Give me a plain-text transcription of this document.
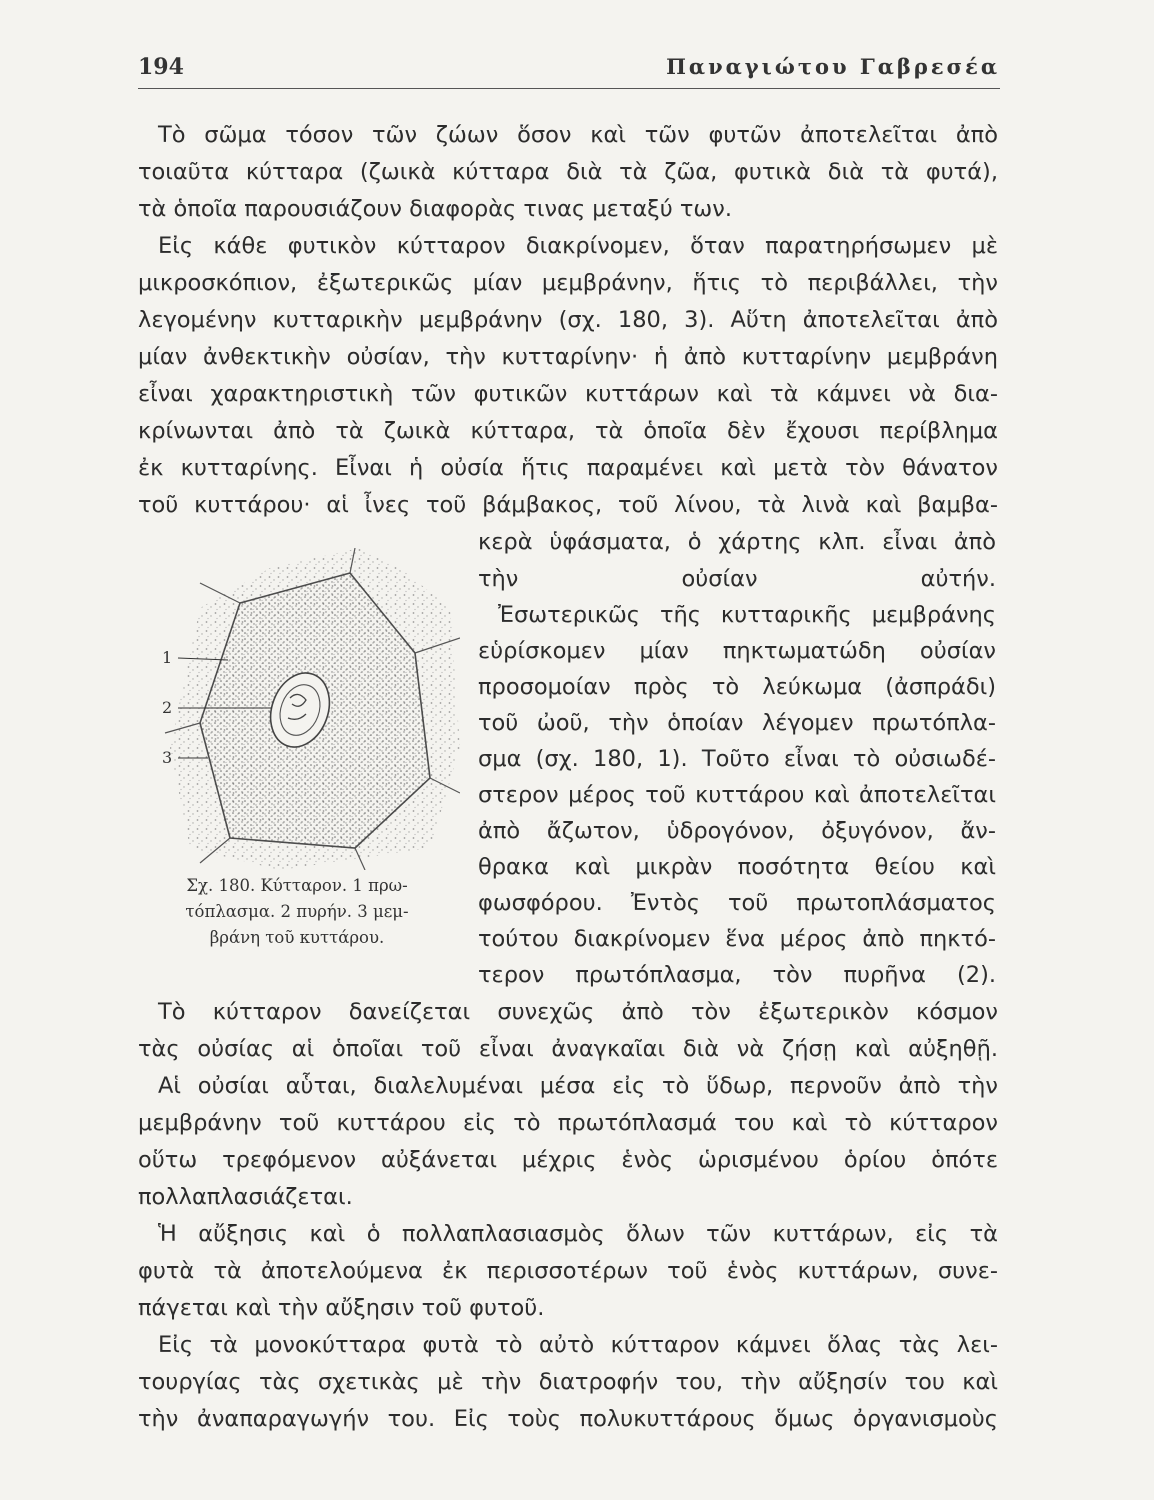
194	Παναγιώτου Γαβρεσέα
Τὸ σῶμα τόσον τῶν ζώων ὅσον καὶ τῶν φυτῶν ἀποτελεῖται ἀπὸ
τοιαῦτα κύτταρα (ζωικὰ κύτταρα διὰ τὰ ζῶα, φυτικὰ διὰ τὰ φυτά),
τὰ ὁποῖα παρουσιάζουν διαφορὰς τινας μεταξύ των.
Εἰς κάθε φυτικὸν κύτταρον διακρίνομεν, ὅταν παρατηρήσωμεν μὲ
μικροσκόπιον, ἐξωτερικῶς μίαν μεμβράνην, ἥτις τὸ περιβάλλει, τὴν
λεγομένην κυτταρικὴν μεμβράνην (σχ. 180, 3). Αὕτη ἀποτελεῖται ἀπὸ
μίαν ἀνθεκτικὴν οὐσίαν, τὴν κυτταρίνην· ἡ ἀπὸ κυτταρίνην μεμβράνη
εἶναι χαρακτηριστικὴ τῶν φυτικῶν κυττάρων καὶ τὰ κάμνει νὰ δια-
κρίνωνται ἀπὸ τὰ ζωικὰ κύτταρα, τὰ ὁποῖα δὲν ἔχουσι περίβλημα
ἐκ κυτταρίνης. Εἶναι ἡ οὐσία ἥτις παραμένει καὶ μετὰ τὸν θάνατον
τοῦ κυττάρου· αἱ ἶνες τοῦ βάμβακος, τοῦ λίνου, τὰ λινὰ καὶ βαμβα-
κερὰ ὑφάσματα, ὁ χάρτης κλπ. εἶναι ἀπὸ
τὴν οὐσίαν αὐτήν.
Ἐσωτερικῶς τῆς κυτταρικῆς μεμβράνης
εὑρίσκομεν μίαν πηκτωματώδη οὐσίαν
προσομοίαν πρὸς τὸ λεύκωμα (ἀσπράδι)
τοῦ ὠοῦ, τὴν ὁποίαν λέγομεν πρωτόπλα-
σμα (σχ. 180, 1). Τοῦτο εἶναι τὸ οὐσιωδέ-
στερον μέρος τοῦ κυττάρου καὶ ἀποτελεῖται
ἀπὸ ἄζωτον, ὑδρογόνον, ὀξυγόνον, ἄν-
θρακα καὶ μικρὰν ποσότητα θείου καὶ
φωσφόρου. Ἐντὸς τοῦ πρωτοπλάσματος
τούτου διακρίνομεν ἕνα μέρος ἀπὸ πηκτό-
τερον πρωτόπλασμα, τὸν πυρῆνα (2).
1
2
3
Σχ. 180. Κύτταρον. 1 πρω-
τόπλασμα. 2 πυρήν. 3 μεμ-
βράνη τοῦ κυττάρου.
Τὸ κύτταρον δανείζεται συνεχῶς ἀπὸ τὸν ἐξωτερικὸν κόσμον
τὰς οὐσίας αἱ ὁποῖαι τοῦ εἶναι ἀναγκαῖαι διὰ νὰ ζήσῃ καὶ αὐξηθῇ.
Αἱ οὐσίαι αὗται, διαλελυμέναι μέσα εἰς τὸ ὕδωρ, περνοῦν ἀπὸ τὴν
μεμβράνην τοῦ κυττάρου εἰς τὸ πρωτόπλασμά του καὶ τὸ κύτταρον
οὕτω τρεφόμενον αὐξάνεται μέχρις ἑνὸς ὡρισμένου ὁρίου ὁπότε
πολλαπλασιάζεται.
Ἡ αὔξησις καὶ ὁ πολλαπλασιασμὸς ὅλων τῶν κυττάρων, εἰς τὰ
φυτὰ τὰ ἀποτελούμενα ἐκ περισσοτέρων τοῦ ἑνὸς κυττάρων, συνε-
πάγεται καὶ τὴν αὔξησιν τοῦ φυτοῦ.
Εἰς τὰ μονοκύτταρα φυτὰ τὸ αὐτὸ κύτταρον κάμνει ὅλας τὰς λει-
τουργίας τὰς σχετικὰς μὲ τὴν διατροφήν του, τὴν αὔξησίν του καὶ
τὴν ἀναπαραγωγήν του. Εἰς τοὺς πολυκυττάρους ὅμως ὀργανισμοὺς
